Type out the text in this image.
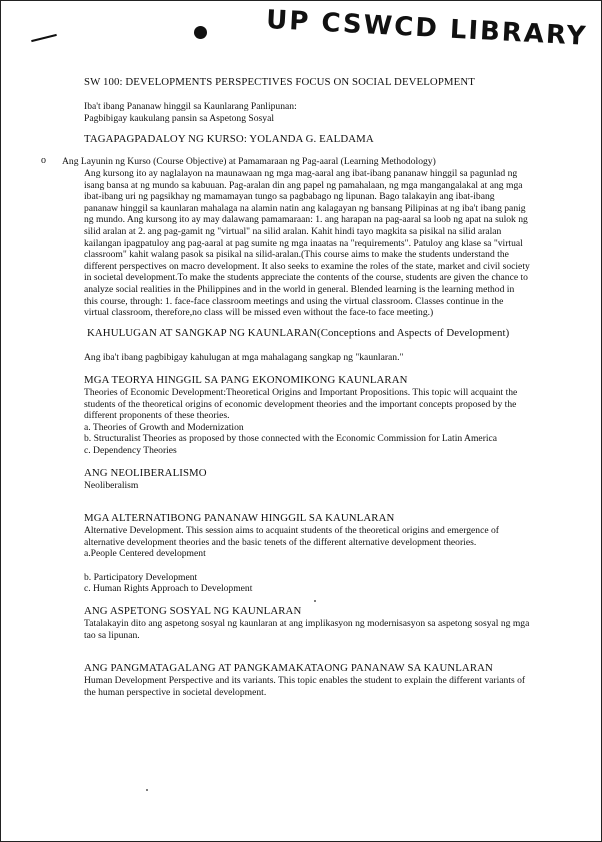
UP CSWCD LIBRARY
SW 100: DEVELOPMENTS PERSPECTIVES FOCUS ON SOCIAL DEVELOPMENT
Iba't ibang Pananaw hinggil sa Kaunlarang Panlipunan:
Pagbibigay kaukulang pansin sa Aspetong Sosyal
TAGAPAGPADALOY NG KURSO: YOLANDA G. EALDAMA
o Ang Layunin ng Kurso (Course Objective) at Pamamaraan ng Pag-aaral (Learning Methodology)
Ang kursong ito ay naglalayon na maunawaan ng mga mag-aaral ang ibat-ibang pananaw hinggil sa pagunlad ng isang bansa at ng mundo sa kabuuan. Pag-aralan din ang papel ng pamahalaan, ng mga mangangalakal at ang mga ibat-ibang uri ng pagsikhay ng mamamayan tungo sa pagbabago ng lipunan. Bago talakayin ang ibat-ibang pananaw hinggil sa kaunlaran mahalaga na alamin natin ang kalagayan ng bansang Pilipinas at ng iba't ibang panig ng mundo. Ang kursong ito ay may dalawang pamamaraan: 1. ang harapan na pag-aaral sa loob ng apat na sulok ng silid aralan at 2. ang pag-gamit ng "virtual" na silid aralan. Kahit hindi tayo magkita sa pisikal na silid aralan kailangan ipagpatuloy ang pag-aaral at pag sumite ng mga inaatas na "requirements". Patuloy ang klase sa "virtual classroom" kahit walang pasok sa pisikal na silid-aralan.(This course aims to make the students understand the different perspectives on macro development. It also seeks to examine the roles of the state, market and civil society in societal development.To make the students appreciate the contents of the course, students are given the chance to analyze social realities in the Philippines and in the world in general. Blended learning is the learning method in this course, through: 1. face-face classroom meetings and using the virtual classroom. Classes continue in the virtual classroom, therefore,no class will be missed even without the face-to face meeting.)
KAHULUGAN AT SANGKAP NG KAUNLARAN(Conceptions and Aspects of Development)
Ang iba't ibang pagbibigay kahulugan at mga mahalagang sangkap ng "kaunlaran."
MGA TEORYA HINGGIL SA PANG EKONOMIKONG KAUNLARAN
Theories of Economic Development:Theoretical Origins and Important Propositions. This topic will acquaint the students of the theoretical origins of economic development theories and the important concepts proposed by the different proponents of these theories.
a. Theories of Growth and Modernization
b. Structuralist Theories as proposed by those connected with the Economic Commission for Latin America
c. Dependency Theories
ANG NEOLIBERALISMO
Neoliberalism
MGA ALTERNATIBONG PANANAW HINGGIL SA KAUNLARAN
Alternative Development. This session aims to acquaint students of the theoretical origins and emergence of alternative development theories and the basic tenets of the different alternative development theories.
a.People Centered development
b. Participatory Development
c. Human Rights Approach to Development
ANG ASPETONG SOSYAL NG KAUNLARAN
Tatalakayin dito ang aspetong sosyal ng kaunlaran at ang implikasyon ng modernisasyon sa aspetong sosyal ng mga tao sa lipunan.
ANG PANGMATAGALANG AT PANGKAMAKATAONG PANANAW SA KAUNLARAN
Human Development Perspective and its variants. This topic enables the student to explain the different variants of the human perspective in societal development.
